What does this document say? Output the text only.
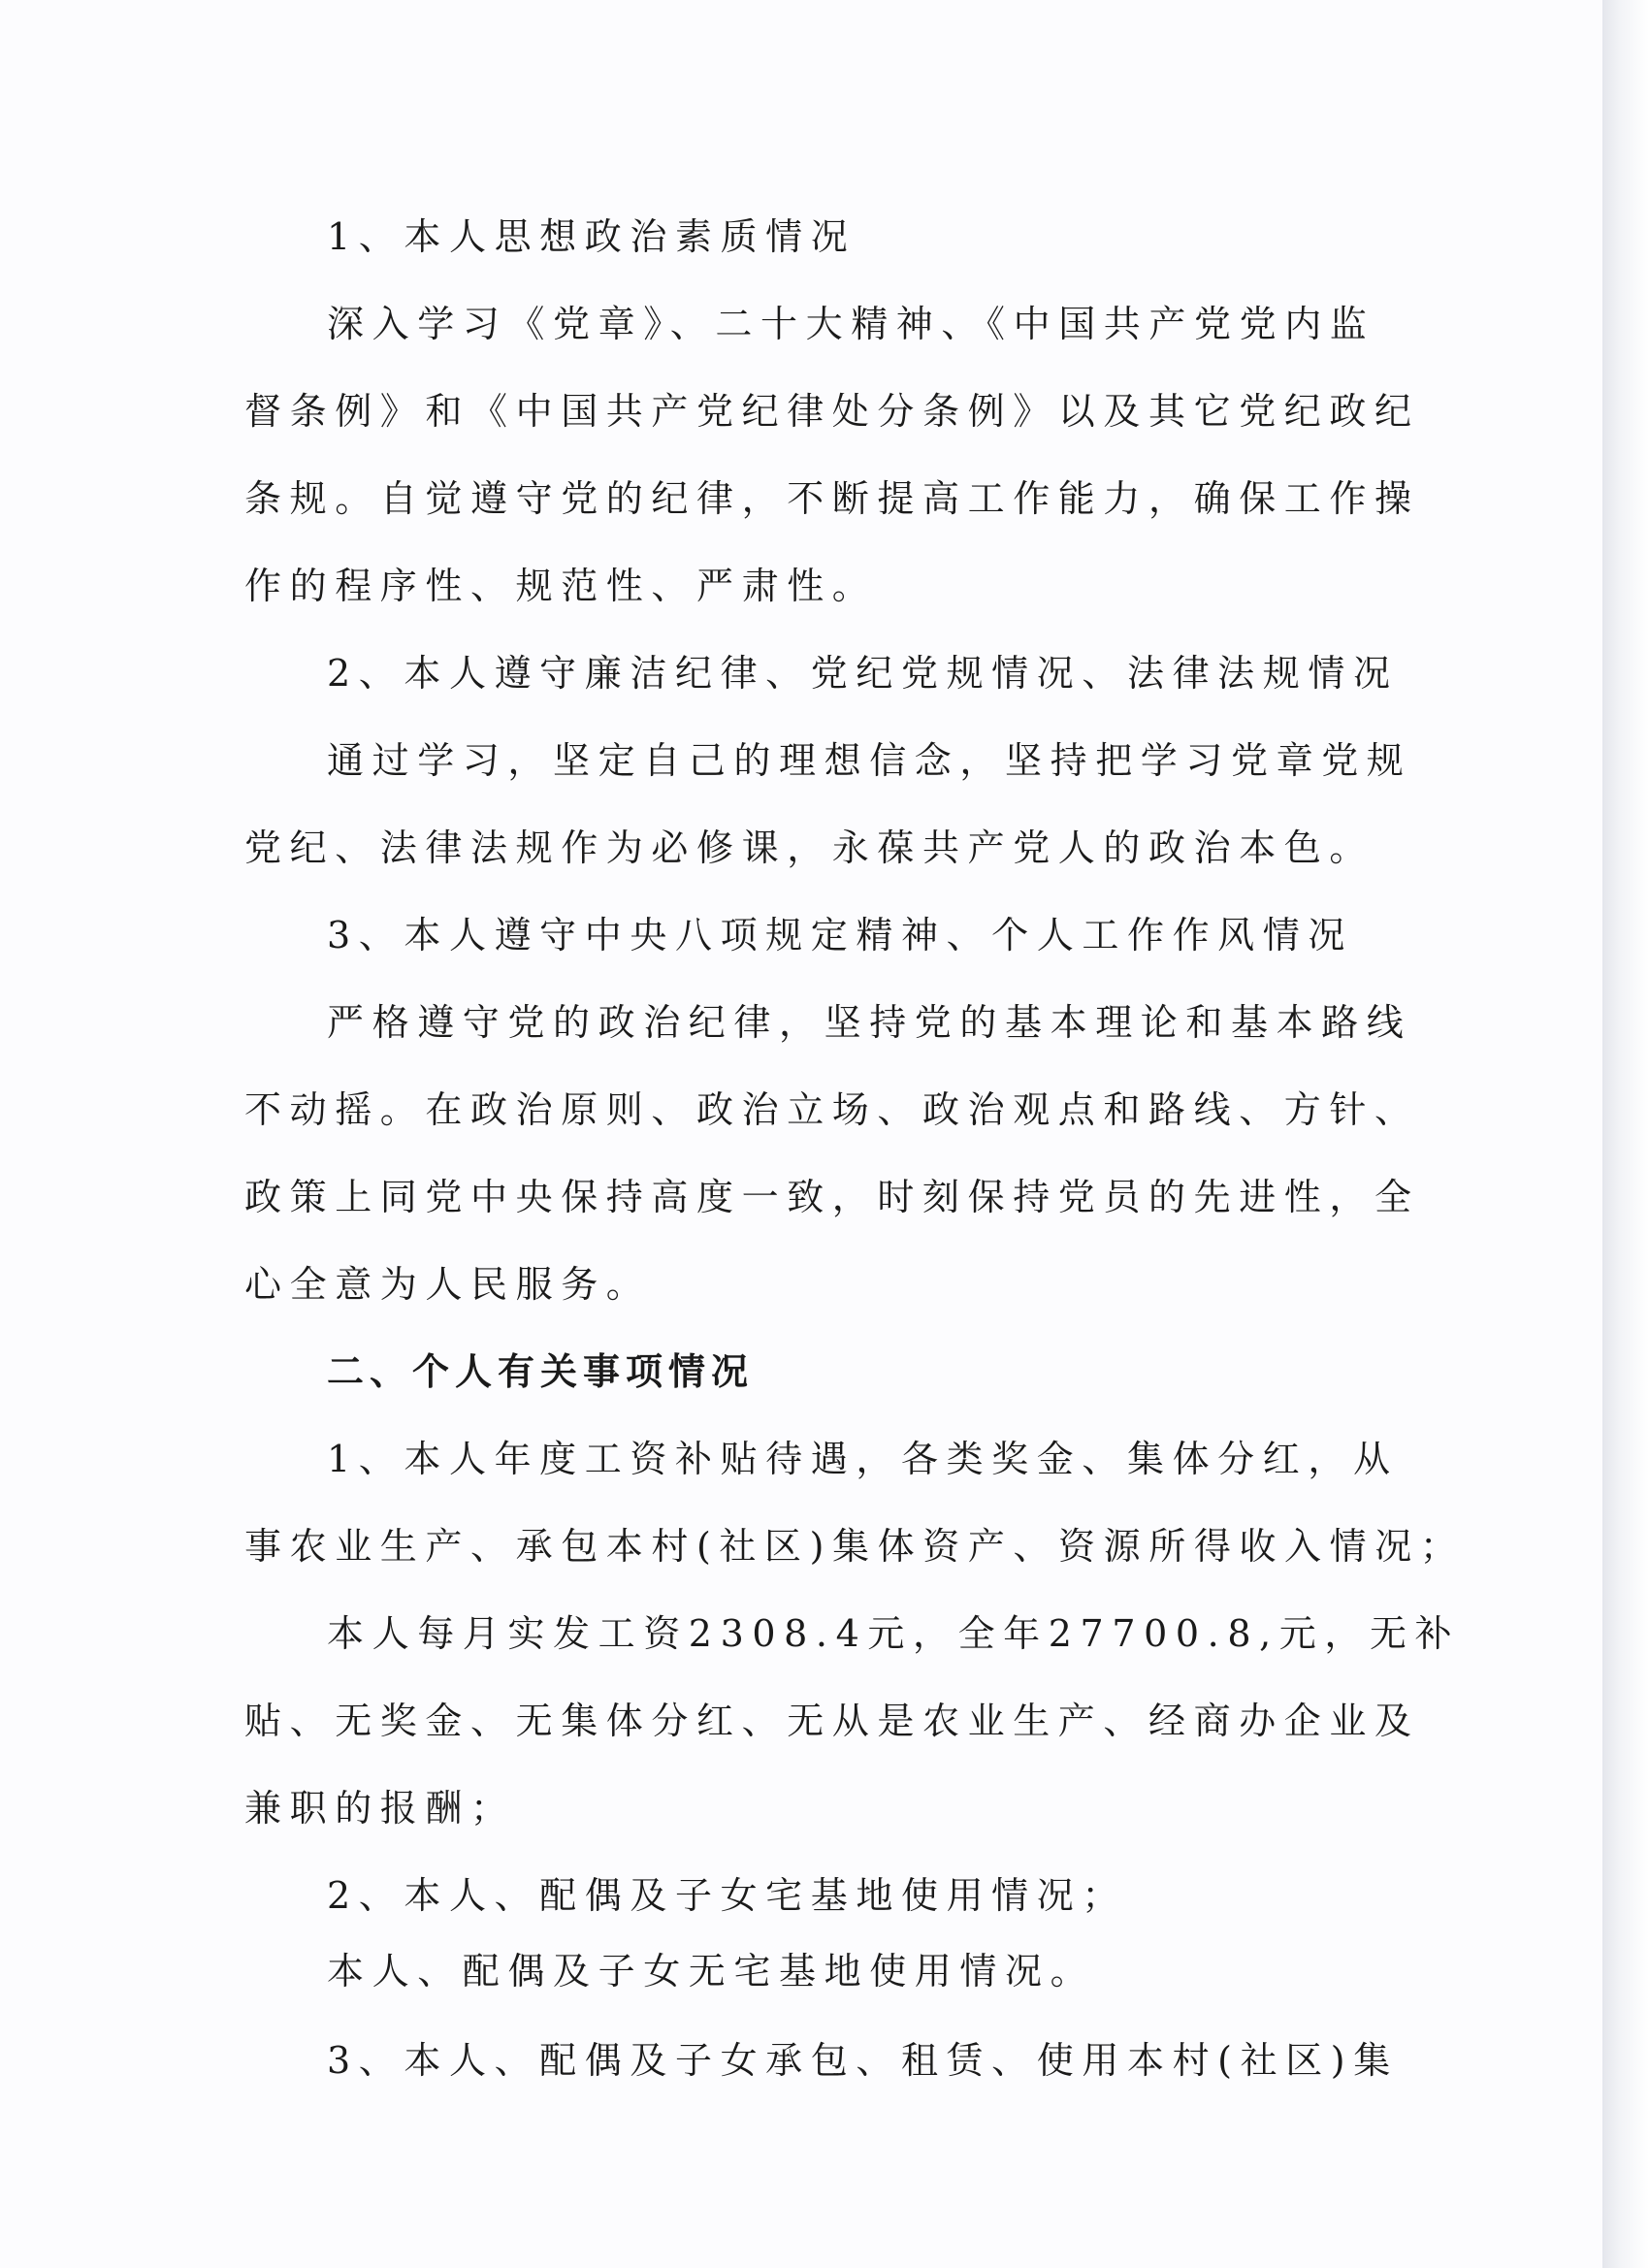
1、本人思想政治素质情况
深入学习《党章》、二十大精神、《中国共产党党内监
督条例》和《中国共产党纪律处分条例》以及其它党纪政纪
条规。自觉遵守党的纪律，不断提高工作能力，确保工作操
作的程序性、规范性、严肃性。
2、本人遵守廉洁纪律、党纪党规情况、法律法规情况
通过学习，坚定自己的理想信念，坚持把学习党章党规
党纪、法律法规作为必修课，永葆共产党人的政治本色。
3、本人遵守中央八项规定精神、个人工作作风情况
严格遵守党的政治纪律，坚持党的基本理论和基本路线
不动摇。在政治原则、政治立场、政治观点和路线、方针、
政策上同党中央保持高度一致，时刻保持党员的先进性，全
心全意为人民服务。
二、个人有关事项情况
1、本人年度工资补贴待遇，各类奖金、集体分红，从
事农业生产、承包本村(社区)集体资产、资源所得收入情况；
本人每月实发工资2308.4元，全年27700.8,元，无补
贴、无奖金、无集体分红、无从是农业生产、经商办企业及
兼职的报酬；
2、本人、配偶及子女宅基地使用情况；
本人、配偶及子女无宅基地使用情况。
3、本人、配偶及子女承包、租赁、使用本村(社区)集
